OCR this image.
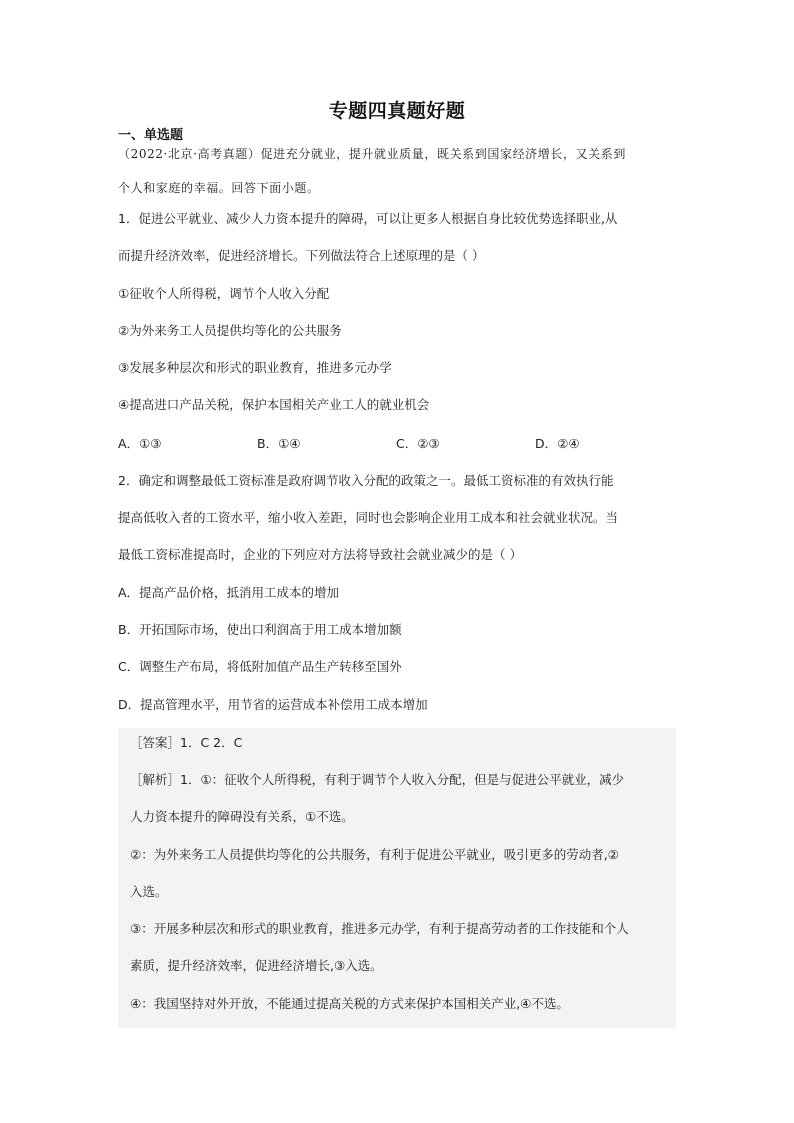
专题四真题好题
一、单选题
（2022·北京·高考真题）促进充分就业，提升就业质量，既关系到国家经济增长，又关系到
个人和家庭的幸福。回答下面小题。
1．促进公平就业、减少人力资本提升的障碍，可以让更多人根据自身比较优势选择职业,从
而提升经济效率，促进经济增长。下列做法符合上述原理的是（ ）
①征收个人所得税，调节个人收入分配
②为外来务工人员提供均等化的公共服务
③发展多种层次和形式的职业教育，推进多元办学
④提高进口产品关税，保护本国相关产业工人的就业机会
A．①③	B．①④	C．②③	D．②④
2．确定和调整最低工资标准是政府调节收入分配的政策之一。最低工资标准的有效执行能
提高低收入者的工资水平，缩小收入差距，同时也会影响企业用工成本和社会就业状况。当
最低工资标准提高时，企业的下列应对方法将导致社会就业减少的是（ ）
A．提高产品价格，抵消用工成本的增加
B．开拓国际市场，使出口利润高于用工成本增加额
C．调整生产布局，将低附加值产品生产转移至国外
D．提高管理水平，用节省的运营成本补偿用工成本增加
［答案］1．C 2．C
［解析］1．①：征收个人所得税，有利于调节个人收入分配，但是与促进公平就业，减少
人力资本提升的障碍没有关系，①不选。
②：为外来务工人员提供均等化的公共服务，有利于促进公平就业，吸引更多的劳动者,②
入选。
③：开展多种层次和形式的职业教育，推进多元办学，有利于提高劳动者的工作技能和个人
素质，提升经济效率，促进经济增长,③入选。
④：我国坚持对外开放，不能通过提高关税的方式来保护本国相关产业,④不选。
